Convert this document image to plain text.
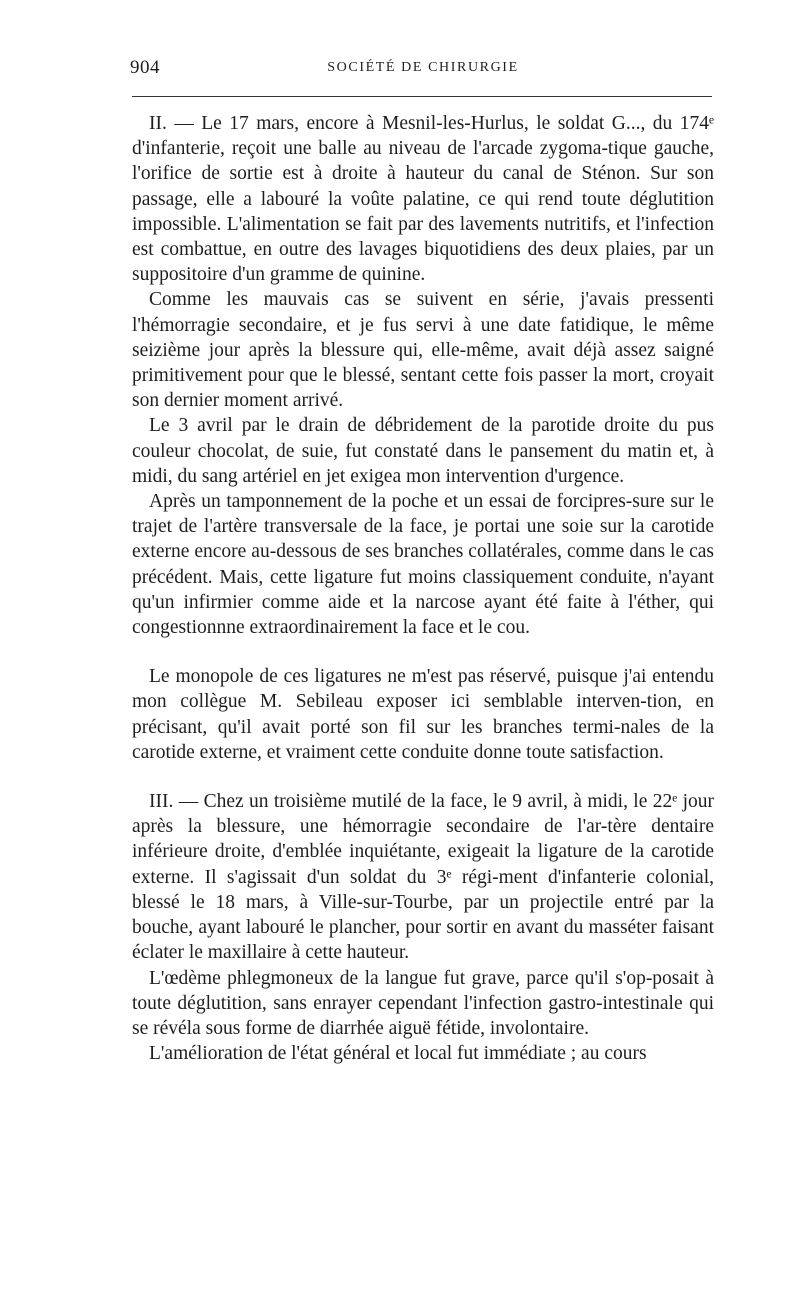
904	SOCIÉTÉ DE CHIRURGIE

II. — Le 17 mars, encore à Mesnil-les-Hurlus, le soldat G..., du 174ᵉ d'infanterie, reçoit une balle au niveau de l'arcade zygoma-tique gauche, l'orifice de sortie est à droite à hauteur du canal de Sténon. Sur son passage, elle a labouré la voûte palatine, ce qui rend toute déglutition impossible. L'alimentation se fait par des lavements nutritifs, et l'infection est combattue, en outre des lavages biquotidiens des deux plaies, par un suppositoire d'un gramme de quinine.

Comme les mauvais cas se suivent en série, j'avais pressenti l'hémorragie secondaire, et je fus servi à une date fatidique, le même seizième jour après la blessure qui, elle-même, avait déjà assez saigné primitivement pour que le blessé, sentant cette fois passer la mort, croyait son dernier moment arrivé.

Le 3 avril par le drain de débridement de la parotide droite du pus couleur chocolat, de suie, fut constaté dans le pansement du matin et, à midi, du sang artériel en jet exigea mon intervention d'urgence.

Après un tamponnement de la poche et un essai de forcipres-sure sur le trajet de l'artère transversale de la face, je portai une soie sur la carotide externe encore au-dessous de ses branches collatérales, comme dans le cas précédent. Mais, cette ligature fut moins classiquement conduite, n'ayant qu'un infirmier comme aide et la narcose ayant été faite à l'éther, qui congestionnne extraordinairement la face et le cou.

Le monopole de ces ligatures ne m'est pas réservé, puisque j'ai entendu mon collègue M. Sebileau exposer ici semblable interven-tion, en précisant, qu'il avait porté son fil sur les branches termi-nales de la carotide externe, et vraiment cette conduite donne toute satisfaction.

III. — Chez un troisième mutilé de la face, le 9 avril, à midi, le 22ᵉ jour après la blessure, une hémorragie secondaire de l'ar-tère dentaire inférieure droite, d'emblée inquiétante, exigeait la ligature de la carotide externe. Il s'agissait d'un soldat du 3ᵉ régi-ment d'infanterie colonial, blessé le 18 mars, à Ville-sur-Tourbe, par un projectile entré par la bouche, ayant labouré le plancher, pour sortir en avant du masséter faisant éclater le maxillaire à cette hauteur.

L'œdème phlegmoneux de la langue fut grave, parce qu'il s'op-posait à toute déglutition, sans enrayer cependant l'infection gastro-intestinale qui se révéla sous forme de diarrhée aiguë fétide, involontaire.

L'amélioration de l'état général et local fut immédiate ; au cours
